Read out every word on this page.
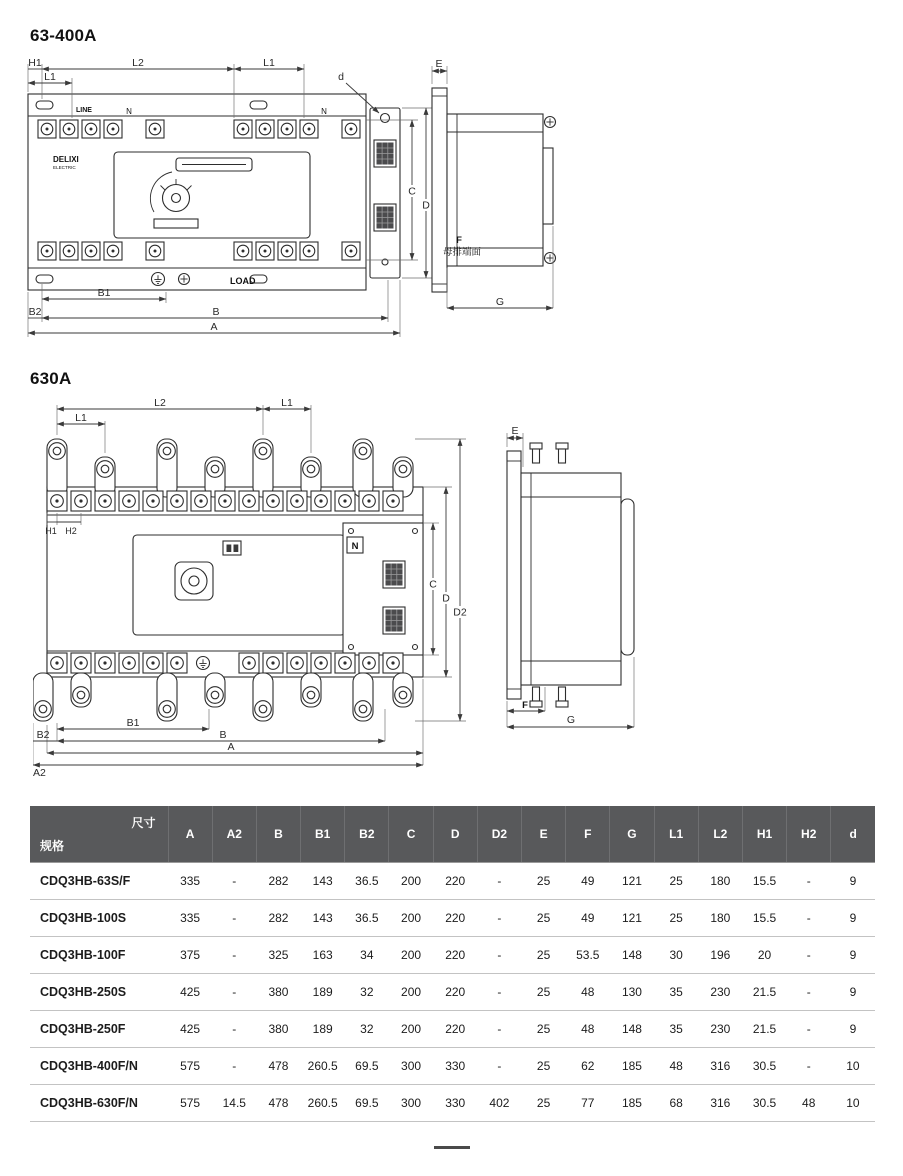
63-400A
LINE	N	N
DELIXI
ELECTRIC
LOAD
H1	L2	L1
L1	d
C
D
B1
B2	B
A
E
F
母排端面
G
630A
N
L2	L1
L1
H1 H2
C
D
D2
B1
B2	B
A
A2
E
F
G
尺寸
规格	A	A2	B	B1	B2	C	D	D2	E	F	G	L1	L2	H1	H2	d
CDQ3HB-63S/F	335	-	282	143	36.5	200	220	-	25	49	121	25	180	15.5	-	9
CDQ3HB-100S	335	-	282	143	36.5	200	220	-	25	49	121	25	180	15.5	-	9
CDQ3HB-100F	375	-	325	163	34	200	220	-	25	53.5	148	30	196	20	-	9
CDQ3HB-250S	425	-	380	189	32	200	220	-	25	48	130	35	230	21.5	-	9
CDQ3HB-250F	425	-	380	189	32	200	220	-	25	48	148	35	230	21.5	-	9
CDQ3HB-400F/N	575	-	478	260.5	69.5	300	330	-	25	62	185	48	316	30.5	-	10
CDQ3HB-630F/N	575	14.5	478	260.5	69.5	300	330	402	25	77	185	68	316	30.5	48	10
